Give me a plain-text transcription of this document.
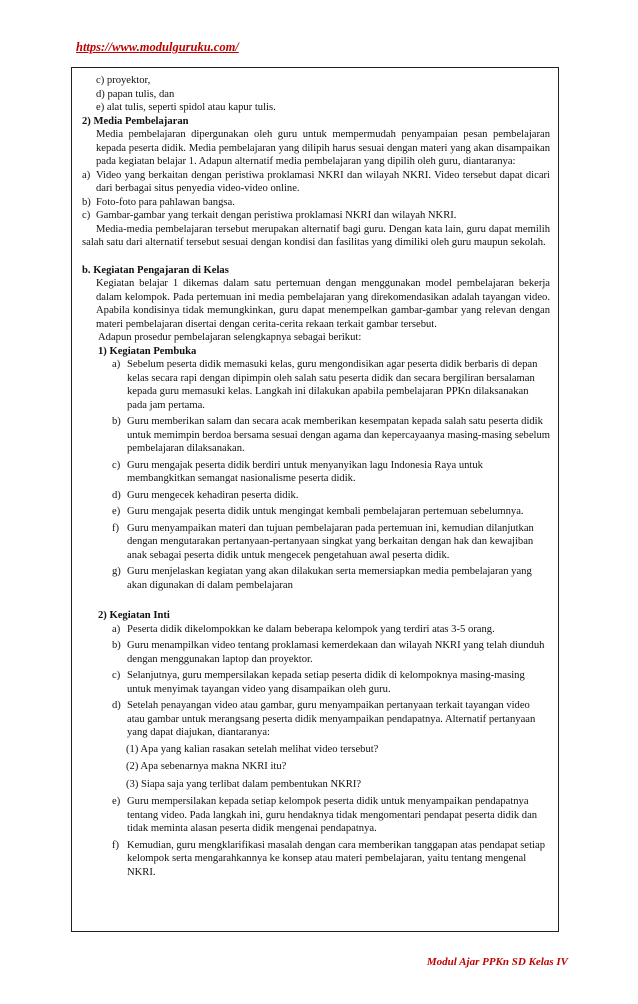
https://www.modulguruku.com/

c) proyektor,

d) papan tulis, dan

e) alat tulis, seperti spidol atau kapur tulis.

2) Media Pembelajaran

Media pembelajaran dipergunakan oleh guru untuk mempermudah penyampaian pesan pembelajaran kepada peserta didik. Media pembelajaran yang dilipih harus sesuai dengan materi yang akan disampaikan pada kegiatan belajar 1. Adapun alternatif media pembelajaran yang dipilih oleh guru, diantaranya:

a) Video yang berkaitan dengan peristiwa proklamasi NKRI dan wilayah NKRI. Video tersebut dapat dicari dari berbagai situs penyedia video-video online.
b) Foto-foto para pahlawan bangsa.
c) Gambar-gambar yang terkait dengan peristiwa proklamasi NKRI dan wilayah NKRI.

Media-media pembelajaran tersebut merupakan alternatif bagi guru. Dengan kata lain, guru dapat memilih salah satu dari alternatif tersebut sesuai dengan kondisi dan fasilitas yang dimiliki oleh guru maupun sekolah.

b. Kegiatan Pengajaran di Kelas

Kegiatan belajar 1 dikemas dalam satu pertemuan dengan menggunakan model pembelajaran bekerja dalam kelompok. Pada pertemuan ini media pembelajaran yang direkomendasikan adalah tayangan video. Apabila kondisinya tidak memungkinkan, guru dapat menempelkan gambar-gambar yang relevan dengan materi pembelajaran disertai dengan cerita-cerita rekaan terkait gambar tersebut.

Adapun prosedur pembelajaran selengkapnya sebagai berikut:

1) Kegiatan Pembuka

a) Sebelum peserta didik memasuki kelas, guru mengondisikan agar peserta didik berbaris di depan kelas secara rapi dengan dipimpin oleh salah satu peserta didik dan secara bergiliran bersalaman kepada guru memasuki kelas. Langkah ini dilakukan apabila pembelajaran PPKn dilaksanakan pada jam pertama.
b) Guru memberikan salam dan secara acak memberikan kesempatan kepada salah satu peserta didik untuk memimpin berdoa bersama sesuai dengan agama dan kepercayaanya masing-masing sebelum pembelajaran dilaksanakan.
c) Guru mengajak peserta didik berdiri untuk menyanyikan lagu Indonesia Raya untuk membangkitkan semangat nasionalisme peserta didik.
d) Guru mengecek kehadiran peserta didik.
e) Guru mengajak peserta didik untuk mengingat kembali pembelajaran pertemuan sebelumnya.
f) Guru menyampaikan materi dan tujuan pembelajaran pada pertemuan ini, kemudian dilanjutkan dengan mengutarakan pertanyaan-pertanyaan singkat yang berkaitan dengan hak dan kewajiban anak sebagai peserta didik untuk mengecek pengetahuan awal peserta didik.
g) Guru menjelaskan kegiatan yang akan dilakukan serta memersiapkan media pembelajaran yang akan digunakan di dalam pembelajaran

2) Kegiatan Inti

a) Peserta didik dikelompokkan ke dalam beberapa kelompok yang terdiri atas 3-5 orang.
b) Guru menampilkan video tentang proklamasi kemerdekaan dan wilayah NKRI yang telah diunduh dengan menggunakan laptop dan proyektor.
c) Selanjutnya, guru mempersilakan kepada setiap peserta didik di kelompoknya masing-masing untuk menyimak tayangan video yang disampaikan oleh guru.
d) Setelah penayangan video atau gambar, guru menyampaikan pertanyaan terkait tayangan video atau gambar untuk merangsang peserta didik menyampaikan pendapatnya. Alternatif pertanyaan yang dapat diajukan, diantaranya:

(1) Apa yang kalian rasakan setelah melihat video tersebut?

(2) Apa sebenarnya makna NKRI itu?

(3) Siapa saja yang terlibat dalam pembentukan NKRI?

e) Guru mempersilakan kepada setiap kelompok peserta didik untuk menyampaikan pendapatnya tentang video. Pada langkah ini, guru hendaknya tidak mengomentari pendapat peserta didik dan tidak meminta alasan peserta didik mengenai pendapatnya.
f) Kemudian, guru mengklarifikasi masalah dengan cara memberikan tanggapan atas pendapat setiap kelompok serta mengarahkannya ke konsep atau materi pembelajaran, yaitu tentang mengenal NKRI.
Modul Ajar PPKn SD Kelas IV
